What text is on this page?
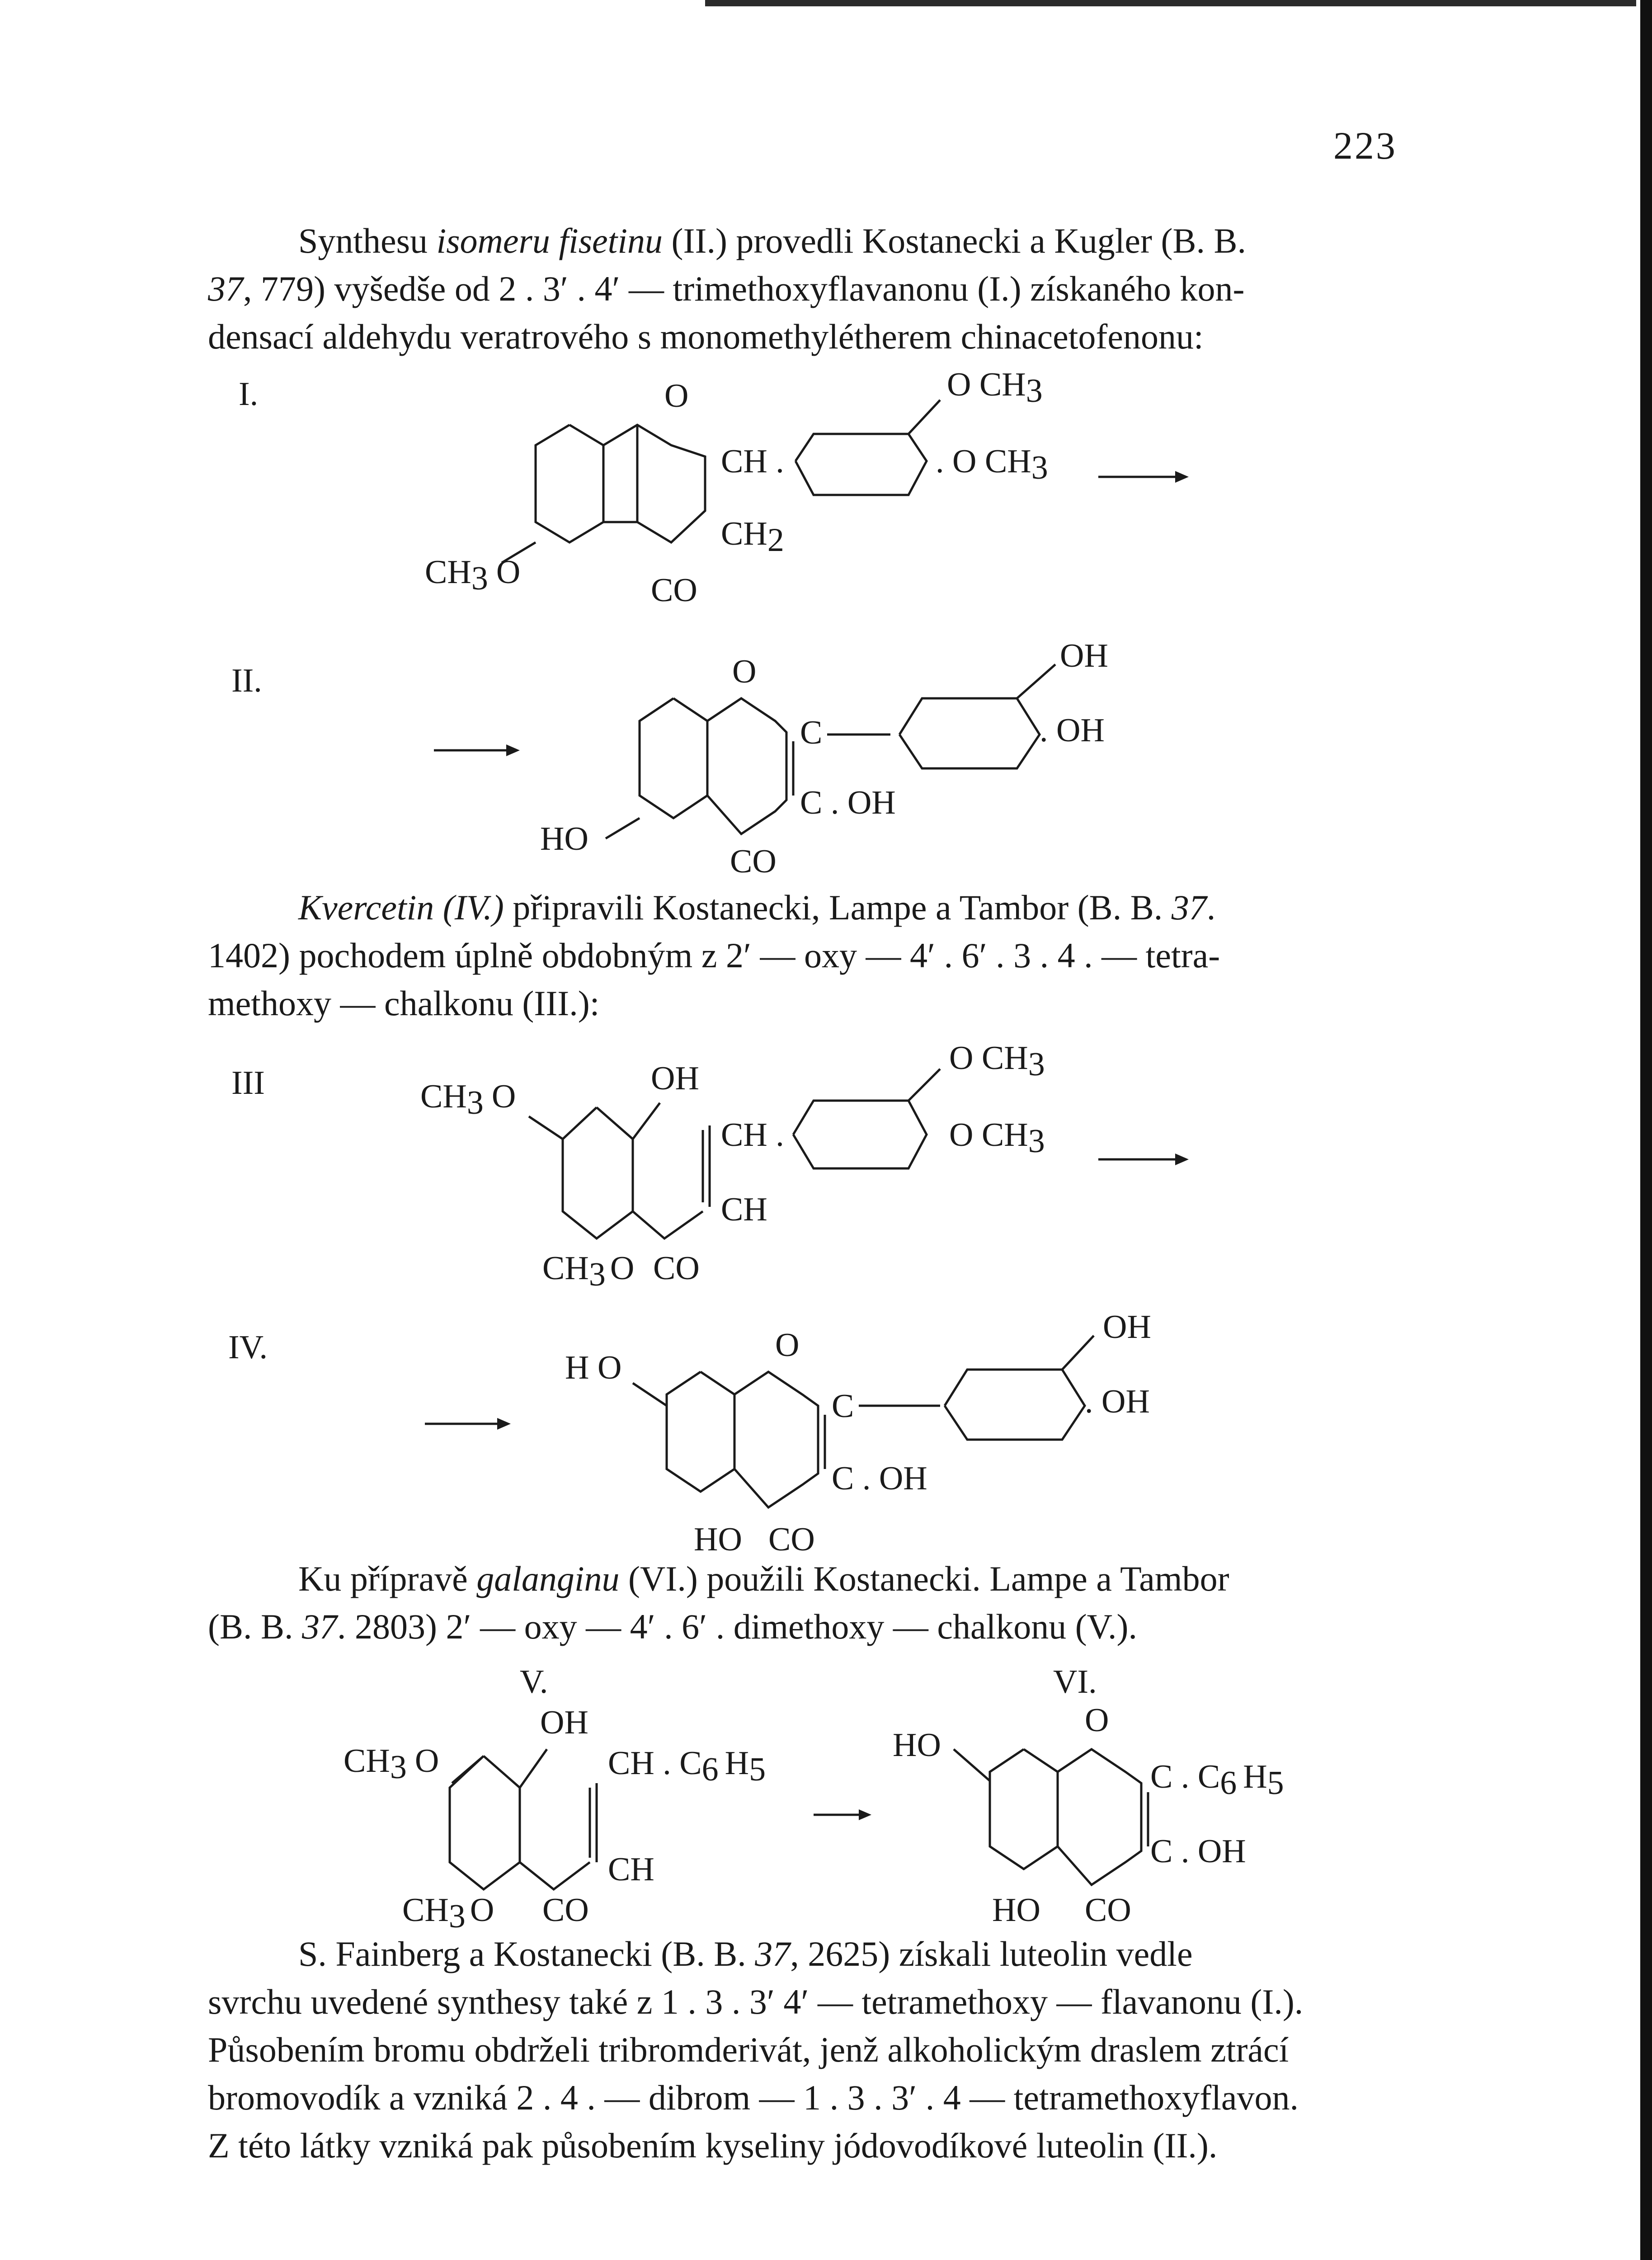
223
Synthesu isomeru fisetinu (II.) provedli Kostanecki a Kugler (B. B.
37, 779) vyšedše od 2 . 3′ . 4′ — trimethoxyflavanonu (I.) získaného kon-
densací aldehydu veratrového s monomethylétherem chinacetofenonu:
I.	O
CH .
CH2
CO
CH3 O
O CH3
. O CH3
II.	O
C
C . OH
CO
HO
OH
. OH
Kvercetin (IV.) připravili Kostanecki, Lampe a Tambor (B. B. 37.
1402) pochodem úplně obdobným z 2′ — oxy — 4′ . 6′ . 3 . 4 . — tetra-
methoxy — chalkonu (III.):
III	CH3 O	OH
CH .
CH
CH3 O CO
O CH3
O CH3
IV.
H O
O
C
C . OH
HO CO
OH
. OH
Ku přípravě galanginu (VI.) použili Kostanecki. Lampe a Tambor
(B. B. 37. 2803) 2′ — oxy — 4′ . 6′ . dimethoxy — chalkonu (V.).
V.
OH
CH3 O	CH . C6 H5
CH
CH3 O CO
VI.
HO
O
C . C6 H5
C . OH
HO CO
S. Fainberg a Kostanecki (B. B. 37, 2625) získali luteolin vedle
svrchu uvedené synthesy také z 1 . 3 . 3′ 4′ — tetramethoxy — flavanonu (I.).
Působením bromu obdrželi tribromderivát, jenž alkoholickým draslem ztrácí
bromovodík a vzniká 2 . 4 . — dibrom — 1 . 3 . 3′ . 4 — tetramethoxyflavon.
Z této látky vzniká pak působením kyseliny jódovodíkové luteolin (II.).
